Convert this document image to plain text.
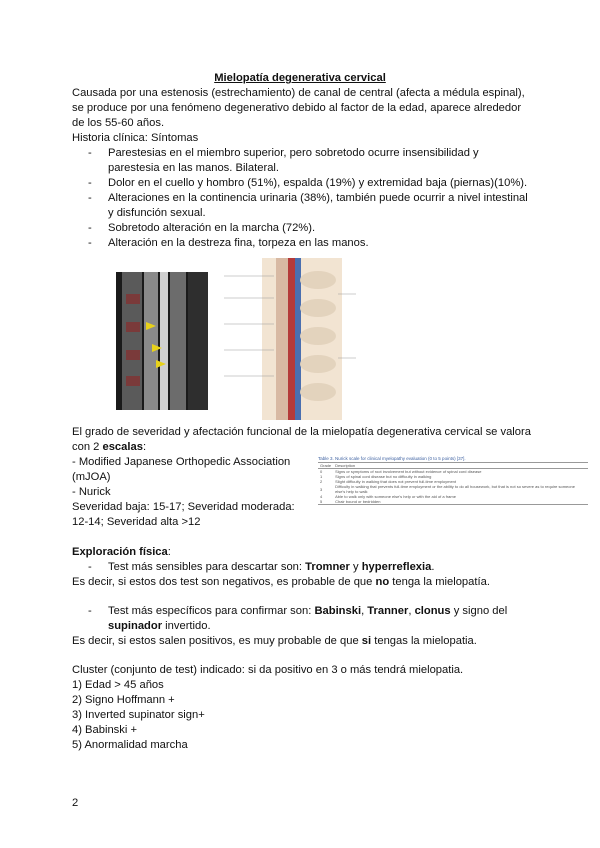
Mielopatía degenerativa cervical
Causada por una estenosis (estrechamiento) de canal de central (afecta a médula espinal),
se produce por una fenómeno degenerativo debido al factor de la edad, aparece alrededor
de los 55-60 años.
Historia clínica: Síntomas
-	Parestesias en el miembro superior, pero sobretodo ocurre insensibilidad y
parestesia en las manos. Bilateral.
-	Dolor en el cuello y hombro (51%), espalda (19%) y extremidad baja (piernas)(10%).
-	Alteraciones en la continencia urinaria (38%), también puede ocurrir a nivel intestinal
y disfunción sexual.
-	Sobretodo alteración en la marcha (72%).
-	Alteración en la destreza fina, torpeza en las manos.
El grado de severidad y afectación funcional de la mielopatía degenerativa cervical se valora
con 2 escalas:
- Modified Japanese Orthopedic Association
(mJOA)
- Nurick
Severidad baja: 15-17; Severidad moderada:
12-14; Severidad alta >12
Table 3. Nurick scale for clinical myelopathy evaluation (0 to 5 points) [37].
Grade	Description
0	Signs or symptoms of root involvement but without evidence of spinal cord disease
1	Signs of spinal cord disease but no difficulty in walking
2	Slight difficulty in walking that does not prevent full-time employment
3	Difficulty in walking that prevents full-time employment or the ability to do all housework, but that is not so severe as to require someone else's help to walk
4	Able to walk only with someone else's help or with the aid of a frame
5	Chair bound or bedridden
Exploración física:
-	Test más sensibles para descartar son: Tromner y hyperreflexia.
Es decir, si estos dos test son negativos, es probable de que no tenga la mielopatía.
-	Test más específicos para confirmar son: Babinski, Tranner, clonus y signo del
supinador invertido.
Es decir, si estos salen positivos, es muy probable de que si tengas la mielopatia.
Cluster (conjunto de test) indicado: si da positivo en 3 o más tendrá mielopatia.
1) Edad > 45 años
2) Signo Hoffmann +
3) Inverted supinator sign+
4) Babinski +
5) Anormalidad marcha
2
